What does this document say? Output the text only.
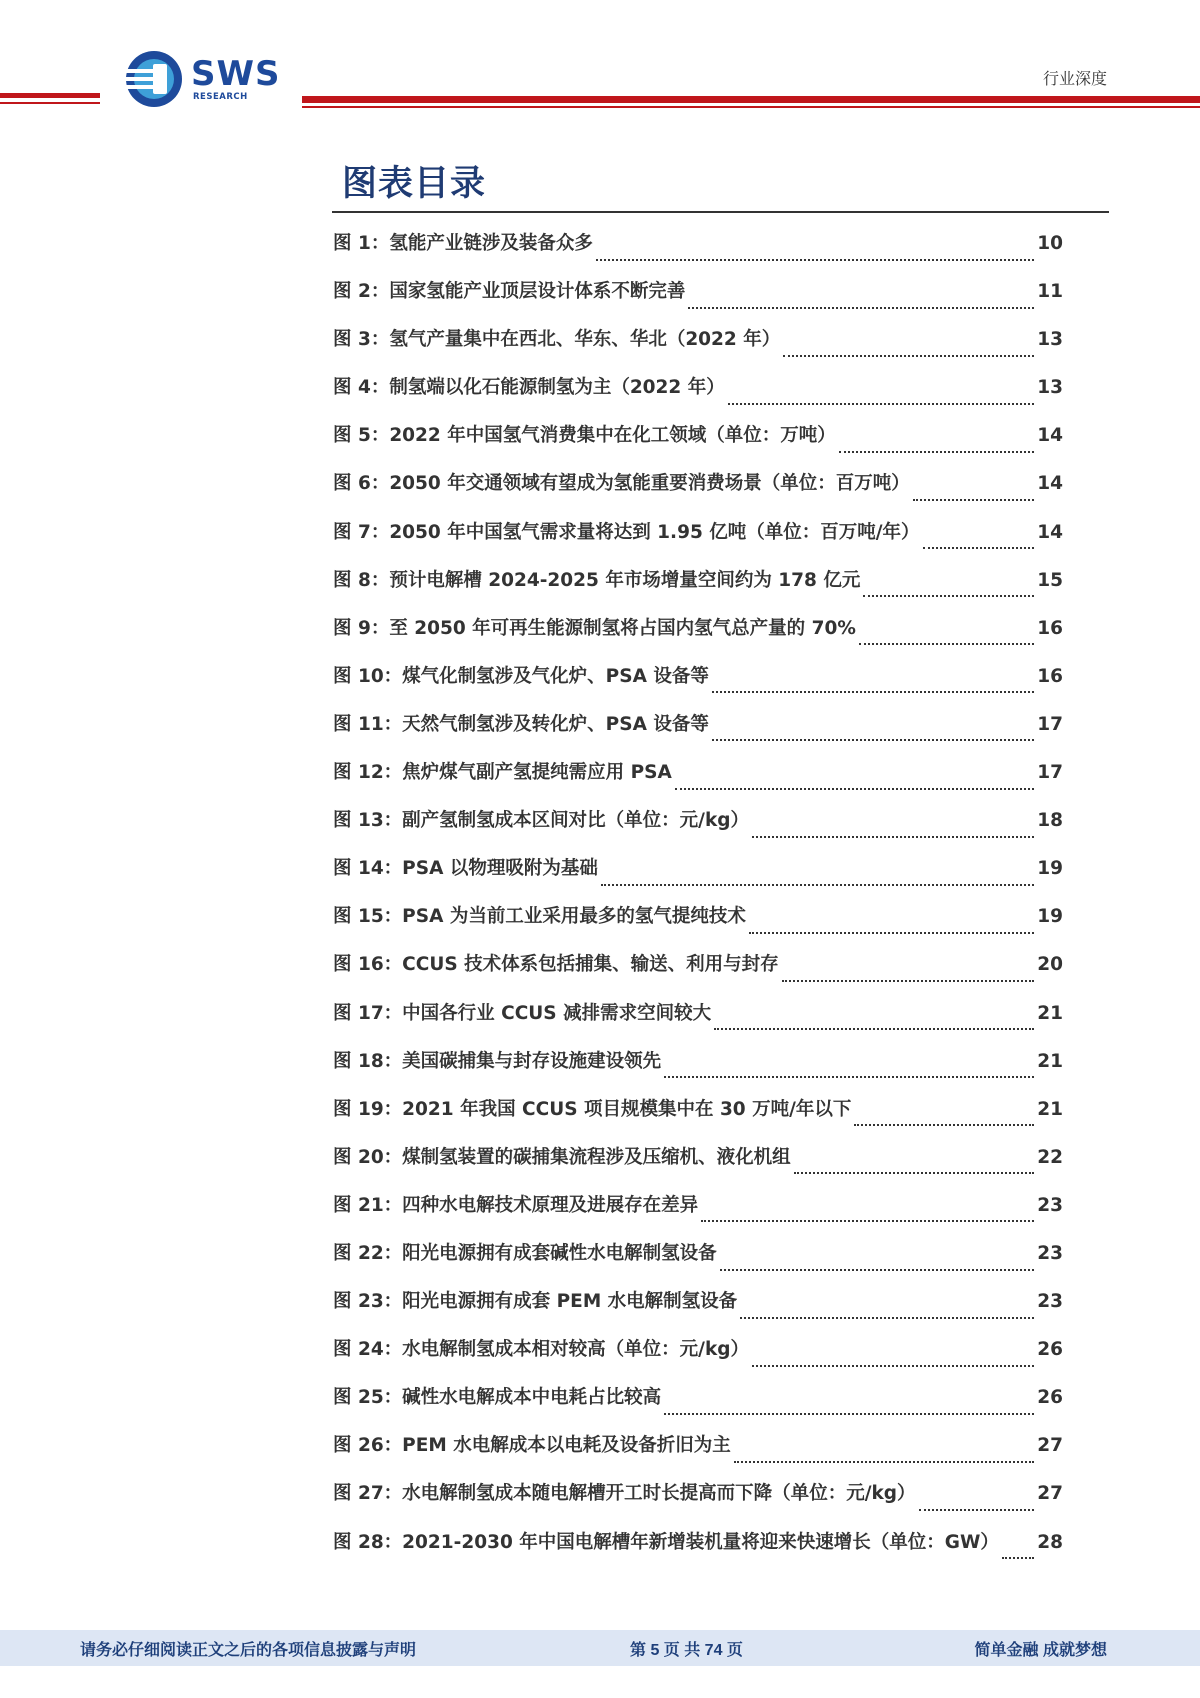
SWS
RESEARCH
行业深度
图表目录
图 1：氢能产业链涉及装备众多	10
图 2：国家氢能产业顶层设计体系不断完善	11
图 3：氢气产量集中在西北、华东、华北（2022 年）	13
图 4：制氢端以化石能源制氢为主（2022 年）	13
图 5：2022 年中国氢气消费集中在化工领域（单位：万吨）	14
图 6：2050 年交通领域有望成为氢能重要消费场景（单位：百万吨）	14
图 7：2050 年中国氢气需求量将达到 1.95 亿吨（单位：百万吨/年）	14
图 8：预计电解槽 2024-2025 年市场增量空间约为 178 亿元	15
图 9：至 2050 年可再生能源制氢将占国内氢气总产量的 70%	16
图 10：煤气化制氢涉及气化炉、PSA 设备等	16
图 11：天然气制氢涉及转化炉、PSA 设备等	17
图 12：焦炉煤气副产氢提纯需应用 PSA	17
图 13：副产氢制氢成本区间对比（单位：元/kg）	18
图 14：PSA 以物理吸附为基础	19
图 15：PSA 为当前工业采用最多的氢气提纯技术	19
图 16：CCUS 技术体系包括捕集、输送、利用与封存	20
图 17：中国各行业 CCUS 减排需求空间较大	21
图 18：美国碳捕集与封存设施建设领先	21
图 19：2021 年我国 CCUS 项目规模集中在 30 万吨/年以下	21
图 20：煤制氢装置的碳捕集流程涉及压缩机、液化机组	22
图 21：四种水电解技术原理及进展存在差异	23
图 22：阳光电源拥有成套碱性水电解制氢设备	23
图 23：阳光电源拥有成套 PEM 水电解制氢设备	23
图 24：水电解制氢成本相对较高（单位：元/kg）	26
图 25：碱性水电解成本中电耗占比较高	26
图 26：PEM 水电解成本以电耗及设备折旧为主	27
图 27：水电解制氢成本随电解槽开工时长提高而下降（单位：元/kg）	27
图 28：2021-2030 年中国电解槽年新增装机量将迎来快速增长（单位：GW） 28
请务必仔细阅读正文之后的各项信息披露与声明	第 5 页 共 74 页	简单金融 成就梦想
